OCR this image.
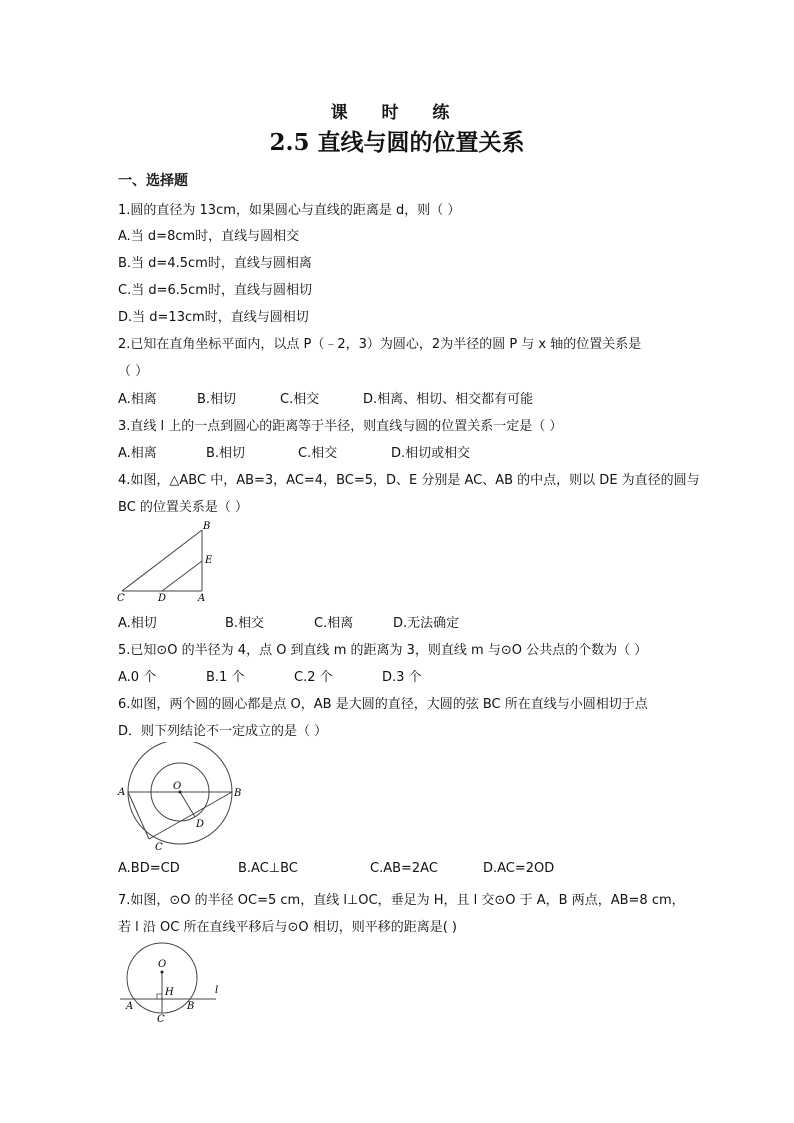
课 时 练
2.5 直线与圆的位置关系
一、选择题
1.圆的直径为 13cm，如果圆心与直线的距离是 d，则（ ）
A.当 d=8cm时，直线与圆相交
B.当 d=4.5cm时，直线与圆相离
C.当 d=6.5cm时，直线与圆相切
D.当 d=13cm时，直线与圆相切
2.已知在直角坐标平面内，以点 P（﹣2，3）为圆心，2为半径的圆 P 与 x 轴的位置关系是
（ ）
A.相离	B.相切	C.相交	D.相离、相切、相交都有可能
3.直线 l 上的一点到圆心的距离等于半径，则直线与圆的位置关系一定是（ ）
A.相离	B.相切	C.相交	D.相切或相交
4.如图，△ABC 中，AB=3，AC=4，BC=5，D、E 分别是 AC、AB 的中点，则以 DE 为直径的圆与
BC 的位置关系是（ ）
B
E
C	D	A
A.相切	B.相交	C.相离	D.无法确定
5.已知⊙O 的半径为 4，点 O 到直线 m 的距离为 3，则直线 m 与⊙O 公共点的个数为（ ）
A.0 个	B.1 个	C.2 个	D.3 个
6.如图，两个圆的圆心都是点 O，AB 是大圆的直径，大圆的弦 BC 所在直线与小圆相切于点
D．则下列结论不一定成立的是（ ）
A
O
B
D
C
A.BD=CD	B.AC⊥BC	C.AB=2AC	D.AC=2OD
7.如图，⊙O 的半径 OC=5 cm，直线 l⊥OC，垂足为 H，且 l 交⊙O 于 A，B 两点，AB=8 cm，
若 l 沿 OC 所在直线平移后与⊙O 相切，则平移的距离是( )
O
H	l
A	B
C
